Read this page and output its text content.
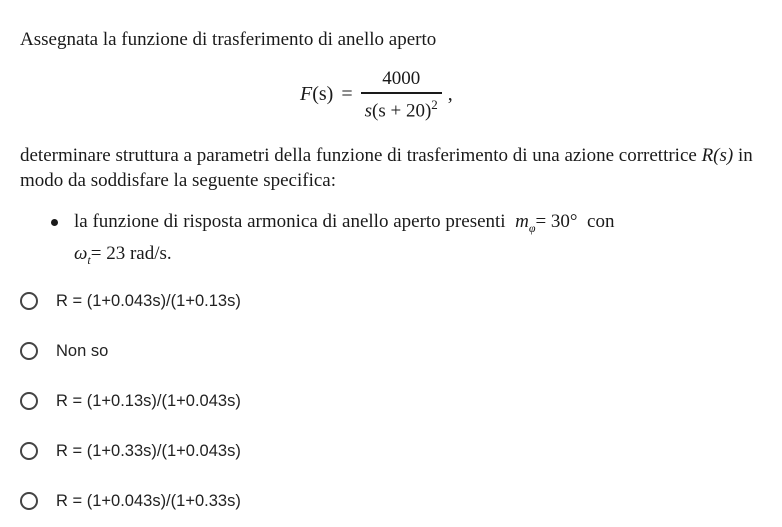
Assegnata la funzione di trasferimento di anello aperto
$F(s) = \frac{4000}{s(s + 20)^2}$ ,
determinare struttura a parametri della funzione di trasferimento di una azione correttrice R(s) in modo da soddisfare la seguente specifica:
la funzione di risposta armonica di anello aperto presenti $m_\varphi= 30^\circ$ con
$\omega_t= 23$ rad/s.
R = (1+0.043s)/(1+0.13s)
Non so
R = (1+0.13s)/(1+0.043s)
R = (1+0.33s)/(1+0.043s)
R = (1+0.043s)/(1+0.33s)
